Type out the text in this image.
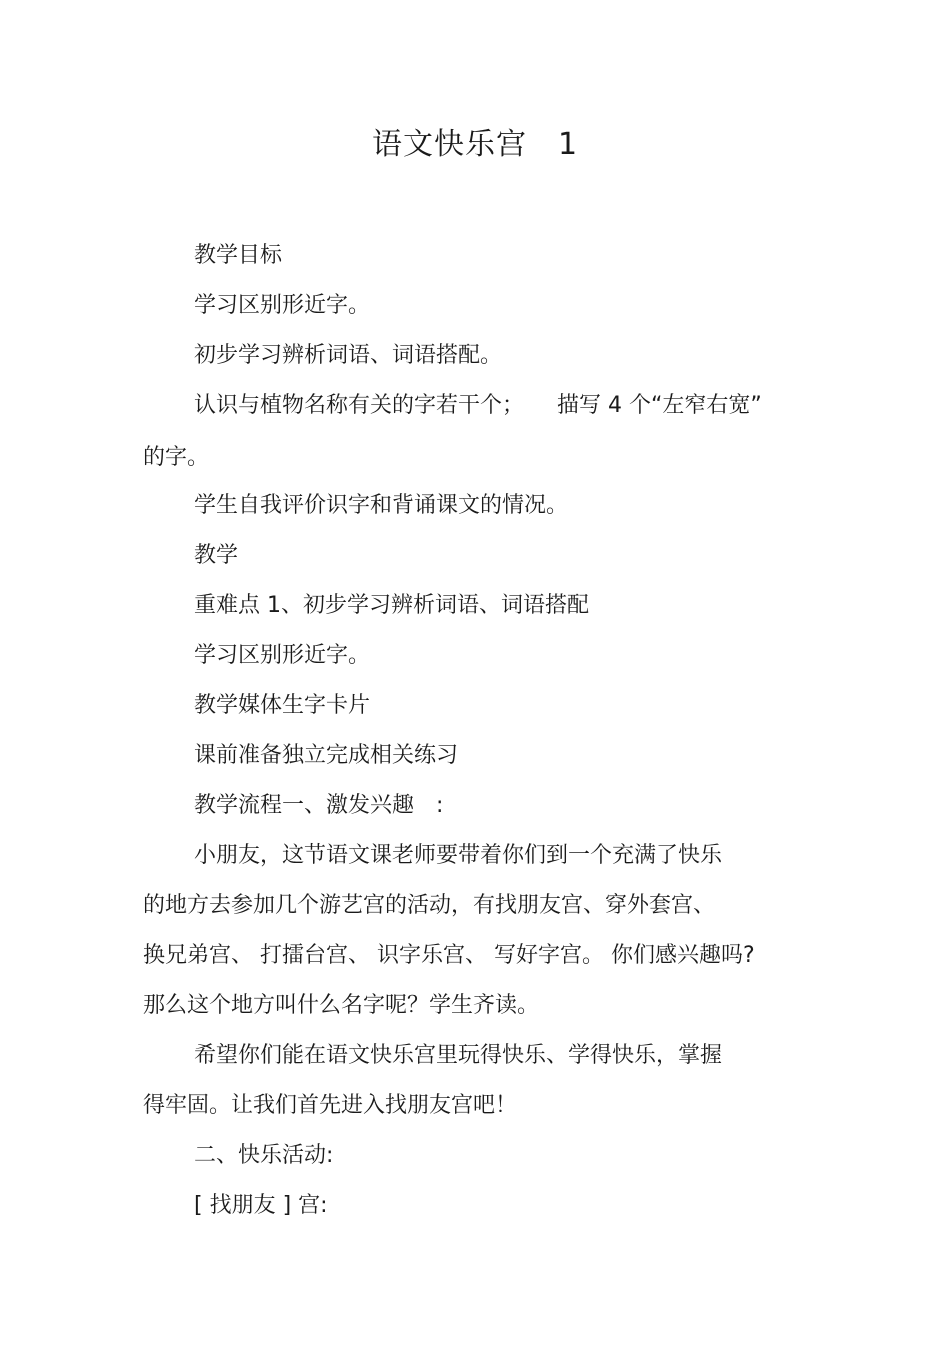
语文快乐宫　1
教学目标
学习区别形近字。
初步学习辨析词语、词语搭配。
认识与植物名称有关的字若干个；　　描写 4 个“左窄右宽”
的字。
学生自我评价识字和背诵课文的情况。
教学
重难点 1、初步学习辨析词语、词语搭配
学习区别形近字。
教学媒体生字卡片
课前准备独立完成相关练习
教学流程一、激发兴趣　:
小朋友，这节语文课老师要带着你们到一个充满了快乐
的地方去参加几个游艺宫的活动，有找朋友宫、穿外套宫、
换兄弟宫、 打擂台宫、 识字乐宫、 写好字宫。 你们感兴趣吗?
那么这个地方叫什么名字呢？学生齐读。
希望你们能在语文快乐宫里玩得快乐、学得快乐，掌握
得牢固。让我们首先进入找朋友宫吧！
二、快乐活动:
[ 找朋友 ] 宫:
